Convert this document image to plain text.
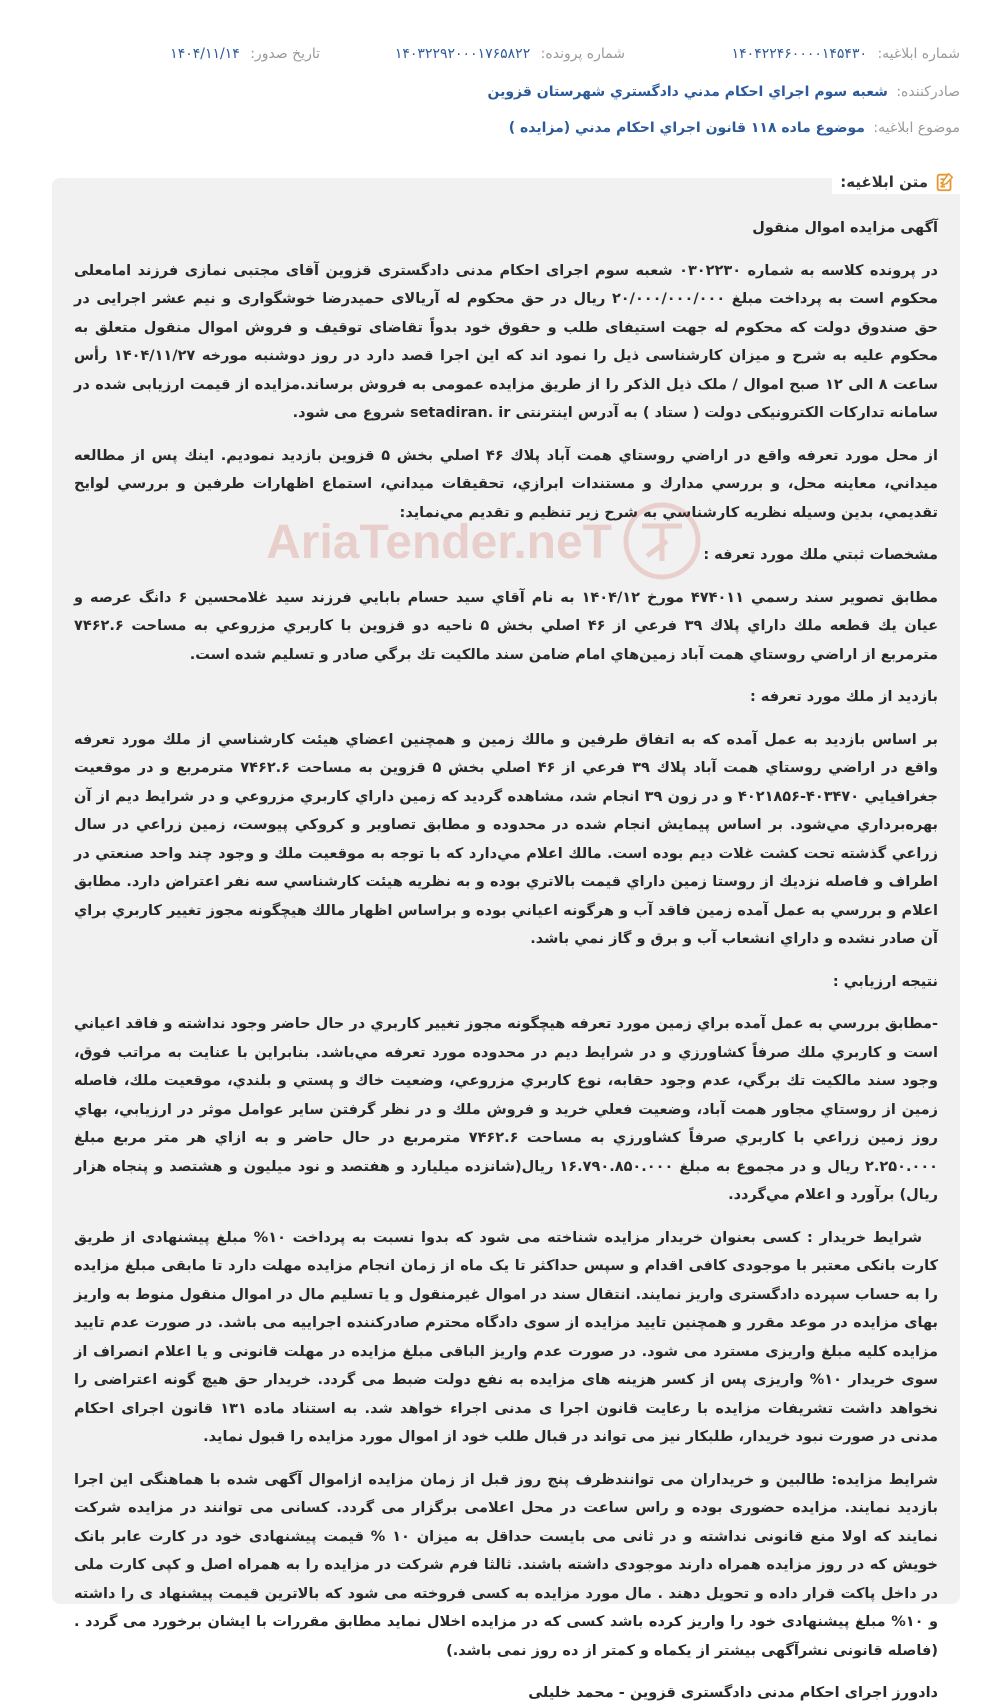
شماره ابلاغیه: ۱۴۰۴۲۲۴۶۰۰۰۰۱۴۵۴۳۰
شماره پرونده: ۱۴۰۳۲۲۹۲۰۰۰۱۷۶۵۸۲۲
تاریخ صدور: ۱۴۰۴/۱۱/۱۴
صادرکننده: شعبه سوم اجراي احكام مدني دادگستري شهرستان قزوين
موضوع ابلاغیه: موضوع ماده ۱۱۸ قانون اجراي احكام مدني (مزايده )
AriaTender.neT
آگهی مزایده اموال منقول
در پرونده کلاسه به شماره ۰۳۰۲۲۳۰ شعبه سوم اجرای احکام مدنی دادگستری قزوین آقای مجتبی نمازی فرزند امامعلی محکوم است به پرداخت مبلغ ۲۰/۰۰۰/۰۰۰/۰۰۰ ریال در حق محکوم له آریالای حمیدرضا خوشگواری و نیم عشر اجرایی در حق صندوق دولت که محکوم له جهت استیفای طلب و حقوق خود بدواً تقاضای توقیف و فروش اموال منقول متعلق به محکوم علیه به شرح و میزان کارشناسی ذیل را نمود اند که این اجرا قصد دارد در روز دوشنبه مورخه ۱۴۰۴/۱۱/۲۷ رأس ساعت ۸ الی ۱۲ صبح اموال / ملک ذیل الذکر را از طریق مزایده عمومی به فروش برساند.مزایده از قیمت ارزیابی شده در سامانه تدارکات الکترونیکی دولت ( ستاد ) به آدرس اینترنتی setadiran. ir شروع می شود.
از محل مورد تعرفه واقع در اراضي روستاي همت آباد پلاك ۴۶ اصلي بخش ۵ قزوين بازديد نموديم. اينك پس از مطالعه ميداني، معاينه محل، و بررسي مدارك و مستندات ابرازي، تحقيقات ميداني، استماع اظهارات طرفين و بررسي لوايح تقديمي، بدين وسيله نظريه كارشناسي به شرح زير تنظيم و تقديم مي‌نمايد:
مشخصات ثبتي ملك مورد تعرفه :
مطابق تصوير سند رسمي ۴۷۴۰۱۱ مورخ ۱۴۰۴/۱۲ به نام آقاي سيد حسام بابايي فرزند سيد غلامحسين ۶ دانگ عرصه و عيان يك قطعه ملك داراي پلاك ۳۹ فرعي از ۴۶ اصلي بخش ۵ ناحيه دو قزوين با كاربري مزروعي به مساحت ۷۴۶۲.۶ مترمربع از اراضي روستاي همت آباد زمين‌هاي امام ضامن سند مالكيت تك برگي صادر و تسليم شده است.
بازديد از ملك مورد تعرفه :
بر اساس بازديد به عمل آمده كه به اتفاق طرفين و مالك زمين و همچنين اعضاي هيئت كارشناسي از ملك مورد تعرفه واقع در اراضي روستاي همت آباد پلاك ۳۹ فرعي از ۴۶ اصلي بخش ۵ قزوين به مساحت ۷۴۶۲.۶ مترمربع و در موقعيت جغرافيايي ۴۰۳۴۷۰-۴۰۲۱۸۵۶ و در زون ۳۹ انجام شد، مشاهده گرديد كه زمين داراي كاربري مزروعي و در شرايط ديم از آن بهره‌برداري مي‌شود. بر اساس پيمايش انجام شده در محدوده و مطابق تصاوير و كروكي پيوست، زمين زراعي در سال زراعي گذشته تحت كشت غلات ديم بوده است. مالك اعلام مي‌دارد كه با توجه به موقعيت ملك و وجود چند واحد صنعتي در اطراف و فاصله نزديك از روستا زمين داراي قيمت بالاتري بوده و به نظريه هيئت كارشناسي سه نفر اعتراض دارد. مطابق اعلام و بررسي به عمل آمده زمين فاقد آب و هرگونه اعياني بوده و براساس اظهار مالك هيچگونه مجوز تغيير كاربري براي آن صادر نشده و داراي انشعاب آب و برق و گاز نمي باشد.
نتيجه ارزيابي :
-مطابق بررسي به عمل آمده براي زمين مورد تعرفه هيچگونه مجوز تغيير كاربري در حال حاضر وجود نداشته و فاقد اعياني است و كاربري ملك صرفاً كشاورزي و در شرايط ديم در محدوده مورد تعرفه مي‌باشد. بنابراين با عنايت به مراتب فوق، وجود سند مالكيت تك برگي، عدم وجود حقابه، نوع كاربري مزروعي، وضعيت خاك و پستي و بلندي، موقعيت ملك، فاصله زمين از روستاي مجاور همت آباد، وضعيت فعلي خريد و فروش ملك و در نظر گرفتن ساير عوامل موثر در ارزيابي، بهاي روز زمين زراعي با كاربري صرفاً كشاورزي به مساحت ۷۴۶۲.۶ مترمربع در حال حاضر و به ازاي هر متر مربع مبلغ ۲.۲۵۰.۰۰۰ ريال و در مجموع به مبلغ ۱۶.۷۹۰.۸۵۰.۰۰۰ ريال(شانزده ميليارد و هفتصد و نود ميليون و هشتصد و پنجاه هزار ريال) برآورد و اعلام مي‌گردد.
شرایط خریدار : کسی بعنوان خریدار مزایده شناخته می شود که بدوا نسبت به پرداخت ۱۰% مبلغ پیشنهادی از طریق کارت بانکی معتبر با موجودی کافی اقدام و سپس حداکثر تا یک ماه از زمان انجام مزایده مهلت دارد تا مابقی مبلغ مزایده را به حساب سپرده دادگستری واریز نمایند. انتقال سند در اموال غیرمنقول و یا تسلیم مال در اموال منقول منوط به واریز بهای مزایده در موعد مقرر و همچنین تایید مزایده از سوی دادگاه محترم صادرکننده اجراییه می باشد. در صورت عدم تایید مزایده کلیه مبلغ واریزی مسترد می شود. در صورت عدم واریز الباقی مبلغ مزایده در مهلت قانونی و یا اعلام انصراف از سوی خریدار ۱۰% واریزی پس از کسر هزینه های مزایده به نفع دولت ضبط می گردد. خریدار حق هیچ گونه اعتراضی را نخواهد داشت تشریفات مزایده با رعایت قانون اجرا ی مدنی اجراء خواهد شد. به استناد ماده ۱۳۱ قانون اجرای احکام مدنی در صورت نبود خریدار، طلبکار نیز می تواند در قبال طلب خود از اموال مورد مزایده را قبول نماید.
شرایط مزایده: طالبین و خریداران می توانندظرف پنج روز قبل از زمان مزایده ازاموال آگهی شده با هماهنگی این اجرا بازدید نمایند. مزایده حضوری بوده و راس ساعت در محل اعلامی برگزار می گردد. کسانی می توانند در مزایده شرکت نمایند که اولا منع قانونی نداشته و در ثانی می بایست حداقل به میزان ۱۰ % قیمت پیشنهادی خود در کارت عابر بانک خویش که در روز مزایده همراه دارند موجودی داشته باشند. ثالثا فرم شرکت در مزایده را به همراه اصل و کپی کارت ملی در داخل پاکت قرار داده و تحویل دهند . مال مورد مزایده به کسی فروخته می شود که بالاترین قیمت پیشنهاد ی را داشته و ۱۰% مبلغ پیشنهادی خود را واریز کرده باشد کسی که در مزایده اخلال نماید مطابق مقررات با ایشان برخورد می گردد .(فاصله قانونی نشرآگهی بیشتر از یکماه و کمتر از ده روز نمی باشد.)
دادورز اجرای احکام مدنی دادگستری قزوین - محمد خلیلی
متن ابلاغیه:
